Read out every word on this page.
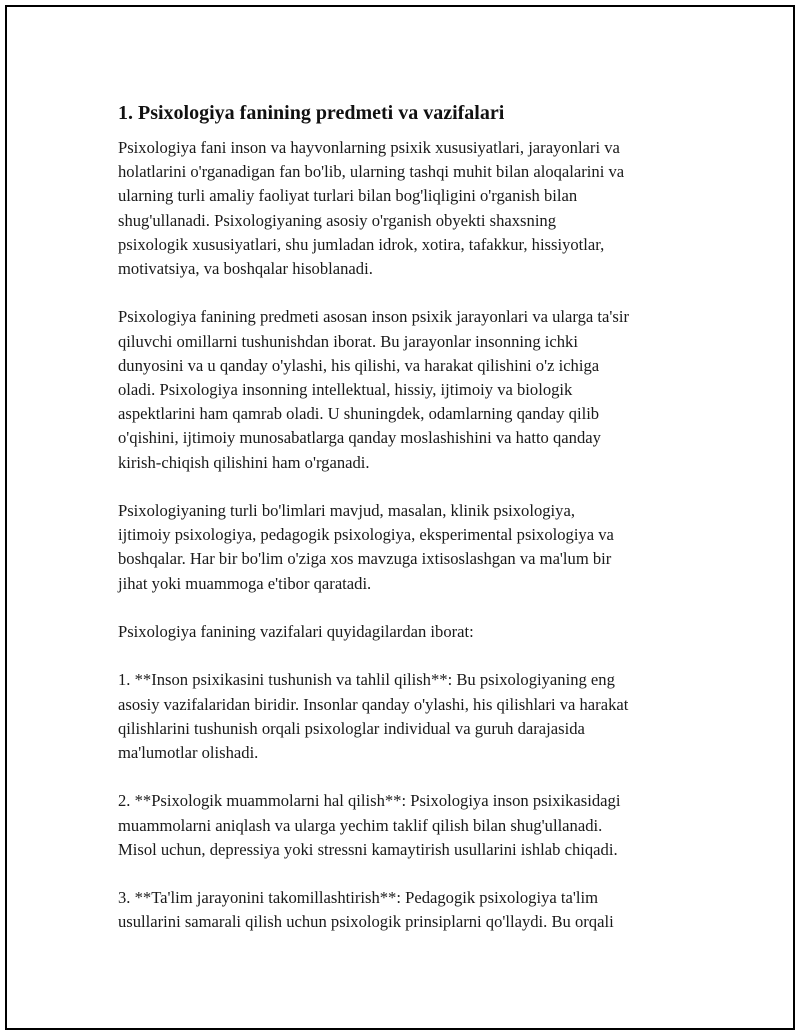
1. Psixologiya fanining predmeti va vazifalari

Psixologiya fani inson va hayvonlarning psixik xususiyatlari, jarayonlari va
holatlarini o'rganadigan fan bo'lib, ularning tashqi muhit bilan aloqalarini va
ularning turli amaliy faoliyat turlari bilan bog'liqligini o'rganish bilan
shug'ullanadi. Psixologiyaning asosiy o'rganish obyekti shaxsning
psixologik xususiyatlari, shu jumladan idrok, xotira, tafakkur, hissiyotlar,
motivatsiya, va boshqalar hisoblanadi.

Psixologiya fanining predmeti asosan inson psixik jarayonlari va ularga ta'sir
qiluvchi omillarni tushunishdan iborat. Bu jarayonlar insonning ichki
dunyosini va u qanday o'ylashi, his qilishi, va harakat qilishini o'z ichiga
oladi. Psixologiya insonning intellektual, hissiy, ijtimoiy va biologik
aspektlarini ham qamrab oladi. U shuningdek, odamlarning qanday qilib
o'qishini, ijtimoiy munosabatlarga qanday moslashishini va hatto qanday
kirish-chiqish qilishini ham o'rganadi.

Psixologiyaning turli bo'limlari mavjud, masalan, klinik psixologiya,
ijtimoiy psixologiya, pedagogik psixologiya, eksperimental psixologiya va
boshqalar. Har bir bo'lim o'ziga xos mavzuga ixtisoslashgan va ma'lum bir
jihat yoki muammoga e'tibor qaratadi.

Psixologiya fanining vazifalari quyidagilardan iborat:

1. **Inson psixikasini tushunish va tahlil qilish**: Bu psixologiyaning eng
asosiy vazifalaridan biridir. Insonlar qanday o'ylashi, his qilishlari va harakat
qilishlarini tushunish orqali psixologlar individual va guruh darajasida
ma'lumotlar olishadi.

2. **Psixologik muammolarni hal qilish**: Psixologiya inson psixikasidagi
muammolarni aniqlash va ularga yechim taklif qilish bilan shug'ullanadi.
Misol uchun, depressiya yoki stressni kamaytirish usullarini ishlab chiqadi.

3. **Ta'lim jarayonini takomillashtirish**: Pedagogik psixologiya ta'lim
usullarini samarali qilish uchun psixologik prinsiplarni qo'llaydi. Bu orqali
